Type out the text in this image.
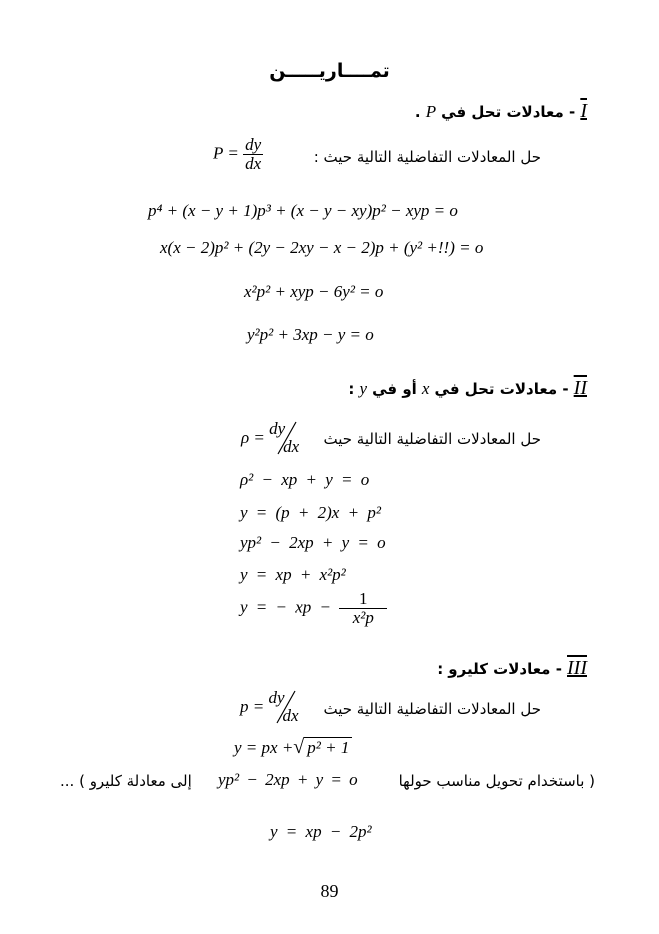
تمــــاريـــــن
I - معادلات تحل في P .
حل المعادلات التفاضلية التالية حيث :
$P = \frac{dy}{dx}$
p⁴ + (x − y + 1)p³ + (x − y − xy)p² − xyp = o
x(x − 2)p² + (2y − 2xy − x − 2)p + (y² +!!) = o
x²p² + xyp − 6y² = o
y²p² + 3xp − y = o
II - معادلات تحل في x أو في y :
حل المعادلات التفاضلية التالية حيث
ρ = dy
dx
ρ² − xp + y = o
y = (p + 2)x + p²
yp² − 2xp + y = o
y = xp + x²p²
y = − xp − $\frac{1}{\text{x²p}}$
III - معادلات كليرو :
حل المعادلات التفاضلية التالية حيث
p = dy
dx
y = px +√ p² + 1
( باستخدام تحويل مناسب حولها
yp² − 2xp + y = o
إلى معادلة كليرو ) ...
y = xp − 2p²
89
